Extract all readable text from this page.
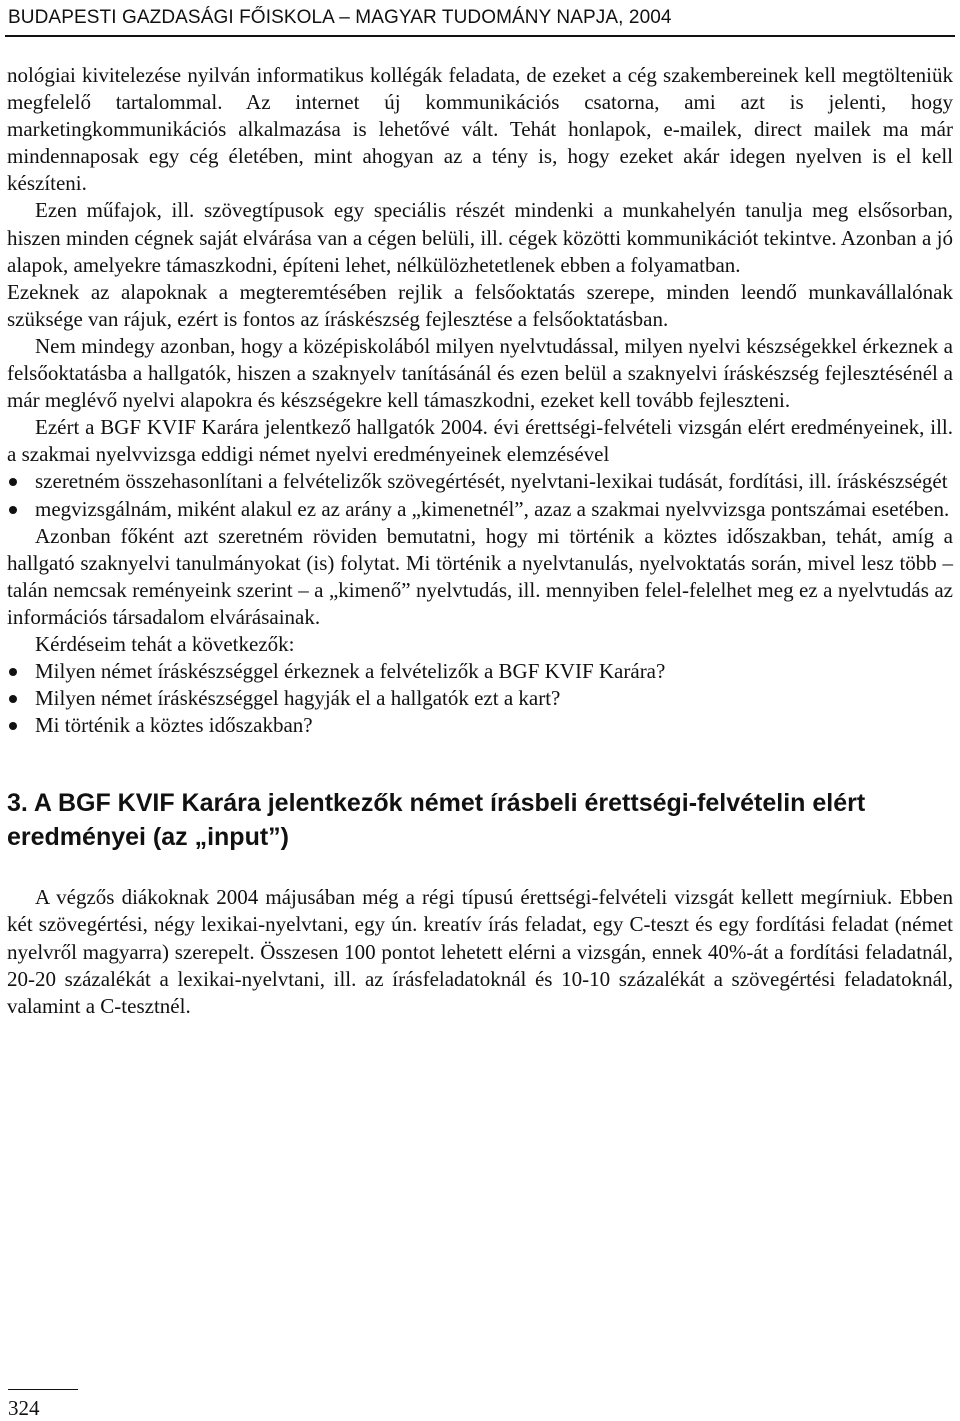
BUDAPESTI GAZDASÁGI FŐISKOLA – MAGYAR TUDOMÁNY NAPJA, 2004

nológiai kivitelezése nyilván informatikus kollégák feladata, de ezeket a cég szakembereinek kell megtölteniük megfelelő tartalommal. Az internet új kommunikációs csatorna, ami azt is jelenti, hogy marketingkommunikációs alkalmazása is lehetővé vált. Tehát honlapok, e-mailek, direct mailek ma már mindennaposak egy cég életében, mint ahogyan az a tény is, hogy ezeket akár idegen nyelven is el kell készíteni.

Ezen műfajok, ill. szövegtípusok egy speciális részét mindenki a munkahelyén tanulja meg elsősorban, hiszen minden cégnek saját elvárása van a cégen belüli, ill. cégek közötti kommunikációt tekintve. Azonban a jó alapok, amelyekre támaszkodni, építeni lehet, nélkülözhetetlenek ebben a folyamatban.

Ezeknek az alapoknak a megteremtésében rejlik a felsőoktatás szerepe, minden leendő munkavállalónak szüksége van rájuk, ezért is fontos az íráskészség fejlesztése a felsőoktatásban.

Nem mindegy azonban, hogy a középiskolából milyen nyelvtudással, milyen nyelvi készségekkel érkeznek a felsőoktatásba a hallgatók, hiszen a szaknyelv tanításánál és ezen belül a szaknyelvi íráskészség fejlesztésénél a már meglévő nyelvi alapokra és készségekre kell támaszkodni, ezeket kell tovább fejleszteni.

Ezért a BGF KVIF Karára jelentkező hallgatók 2004. évi érettségi-felvételi vizsgán elért eredményeinek, ill. a szakmai nyelvvizsga eddigi német nyelvi eredményeinek elemzésével

szeretném összehasonlítani a felvételizők szövegértését, nyelvtani-lexikai tudását, fordítási, ill. íráskészségét
megvizsgálnám, miként alakul ez az arány a „kimenetnél”, azaz a szakmai nyelvvizsga pontszámai esetében.

Azonban főként azt szeretném röviden bemutatni, hogy mi történik a köztes időszakban, tehát, amíg a hallgató szaknyelvi tanulmányokat (is) folytat. Mi történik a nyelvtanulás, nyelvoktatás során, mivel lesz több – talán nemcsak reményeink szerint – a „kimenő” nyelvtudás, ill. mennyiben felel-felelhet meg ez a nyelvtudás az információs társadalom elvárásainak.

Kérdéseim tehát a következők:

Milyen német íráskészséggel érkeznek a felvételizők a BGF KVIF Karára?
Milyen német íráskészséggel hagyják el a hallgatók ezt a kart?
Mi történik a köztes időszakban?
3. A BGF KVIF Karára jelentkezők német írásbeli érettségi-felvételin elért eredményei (az „input”)

A végzős diákoknak 2004 májusában még a régi típusú érettségi-felvételi vizsgát kellett megírniuk. Ebben két szövegértési, négy lexikai-nyelvtani, egy ún. kreatív írás feladat, egy C-teszt és egy fordítási feladat (német nyelvről magyarra) szerepelt. Összesen 100 pontot lehetett elérni a vizsgán, ennek 40%-át a fordítási feladatnál, 20-20 százalékát a lexikai-nyelvtani, ill. az írásfeladatoknál és 10-10 százalékát a szövegértési feladatoknál, valamint a C-tesztnél.

324
